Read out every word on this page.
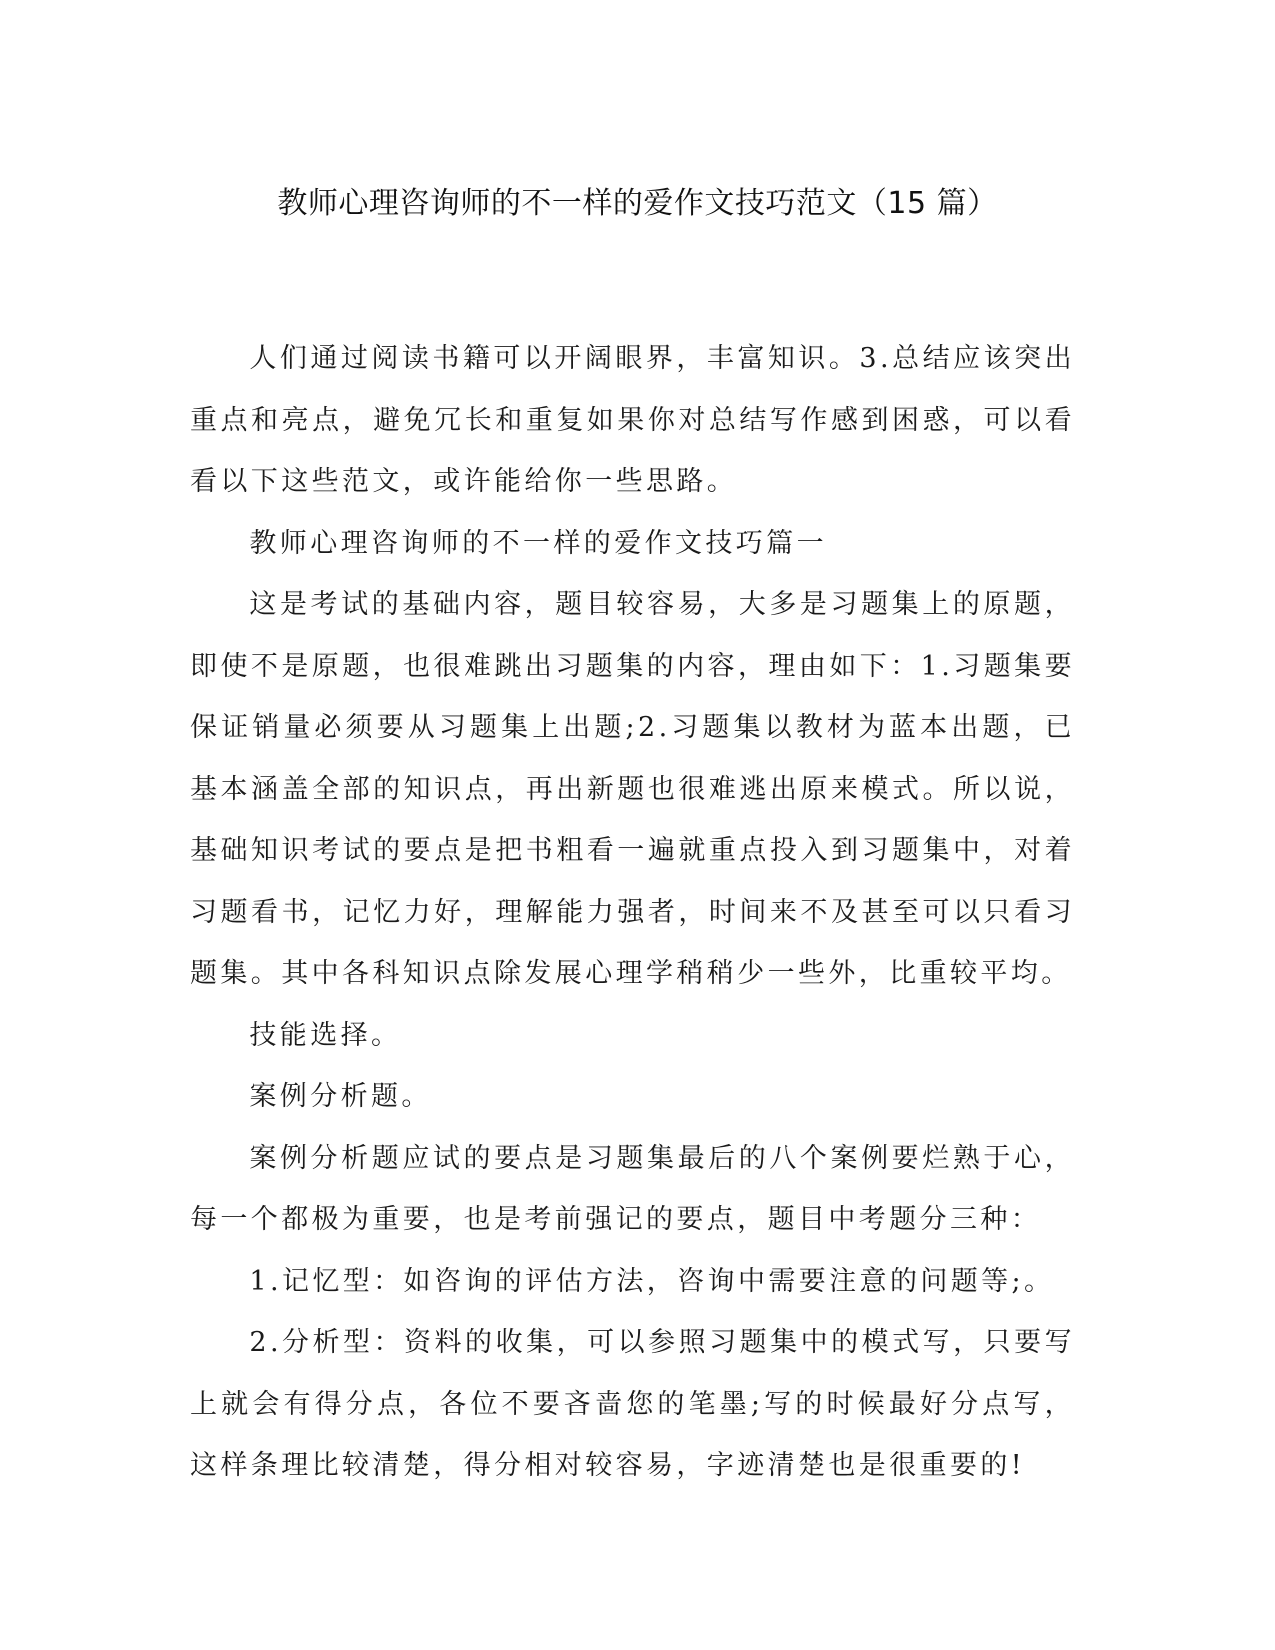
教师心理咨询师的不一样的爱作文技巧范文（15 篇）

人们通过阅读书籍可以开阔眼界，丰富知识。3.总结应该突出重点和亮点，避免冗长和重复如果你对总结写作感到困惑，可以看看以下这些范文，或许能给你一些思路。

教师心理咨询师的不一样的爱作文技巧篇一

这是考试的基础内容，题目较容易，大多是习题集上的原题，即使不是原题，也很难跳出习题集的内容，理由如下：1.习题集要保证销量必须要从习题集上出题;2.习题集以教材为蓝本出题，已基本涵盖全部的知识点，再出新题也很难逃出原来模式。所以说，基础知识考试的要点是把书粗看一遍就重点投入到习题集中，对着习题看书，记忆力好，理解能力强者，时间来不及甚至可以只看习题集。其中各科知识点除发展心理学稍稍少一些外，比重较平均。

技能选择。

案例分析题。

案例分析题应试的要点是习题集最后的八个案例要烂熟于心，每一个都极为重要，也是考前强记的要点，题目中考题分三种：

1.记忆型：如咨询的评估方法，咨询中需要注意的问题等;。

2.分析型：资料的收集，可以参照习题集中的模式写，只要写上就会有得分点，各位不要吝啬您的笔墨;写的时候最好分点写，这样条理比较清楚，得分相对较容易，字迹清楚也是很重要的!
